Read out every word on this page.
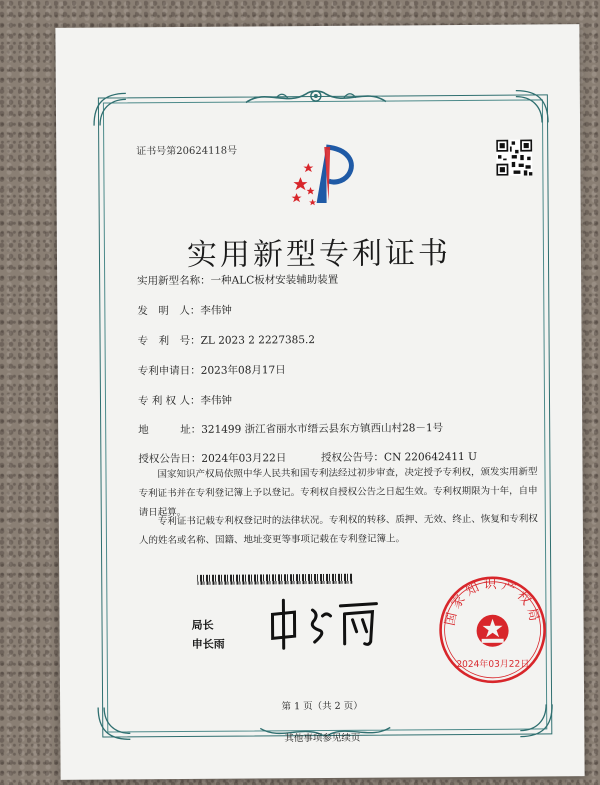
证书号第20624118号
实用新型专利证书
实用新型名称：一种ALC板材安装辅助装置
发　明　人：李伟钟
专　利　号：ZL 2023 2 2227385.2
专利申请日：2023年08月17日
专 利 权 人：李伟钟
地　　　址：321499 浙江省丽水市缙云县东方镇西山村28－1号
授权公告日：2024年03月22日	授权公告号：CN 220642411 U
国家知识产权局依照中华人民共和国专利法经过初步审查，决定授予专利权，颁发实用新型专利证书并在专利登记簿上予以登记。专利权自授权公告之日起生效。专利权期限为十年，自申请日起算。
专利证书记载专利权登记时的法律状况。专利权的转移、质押、无效、终止、恢复和专利权人的姓名或名称、国籍、地址变更等事项记载在专利登记簿上。
局长
申长雨
国家知识产权局
2024年03月22日
第 1 页（共 2 页）
其他事项参见续页
